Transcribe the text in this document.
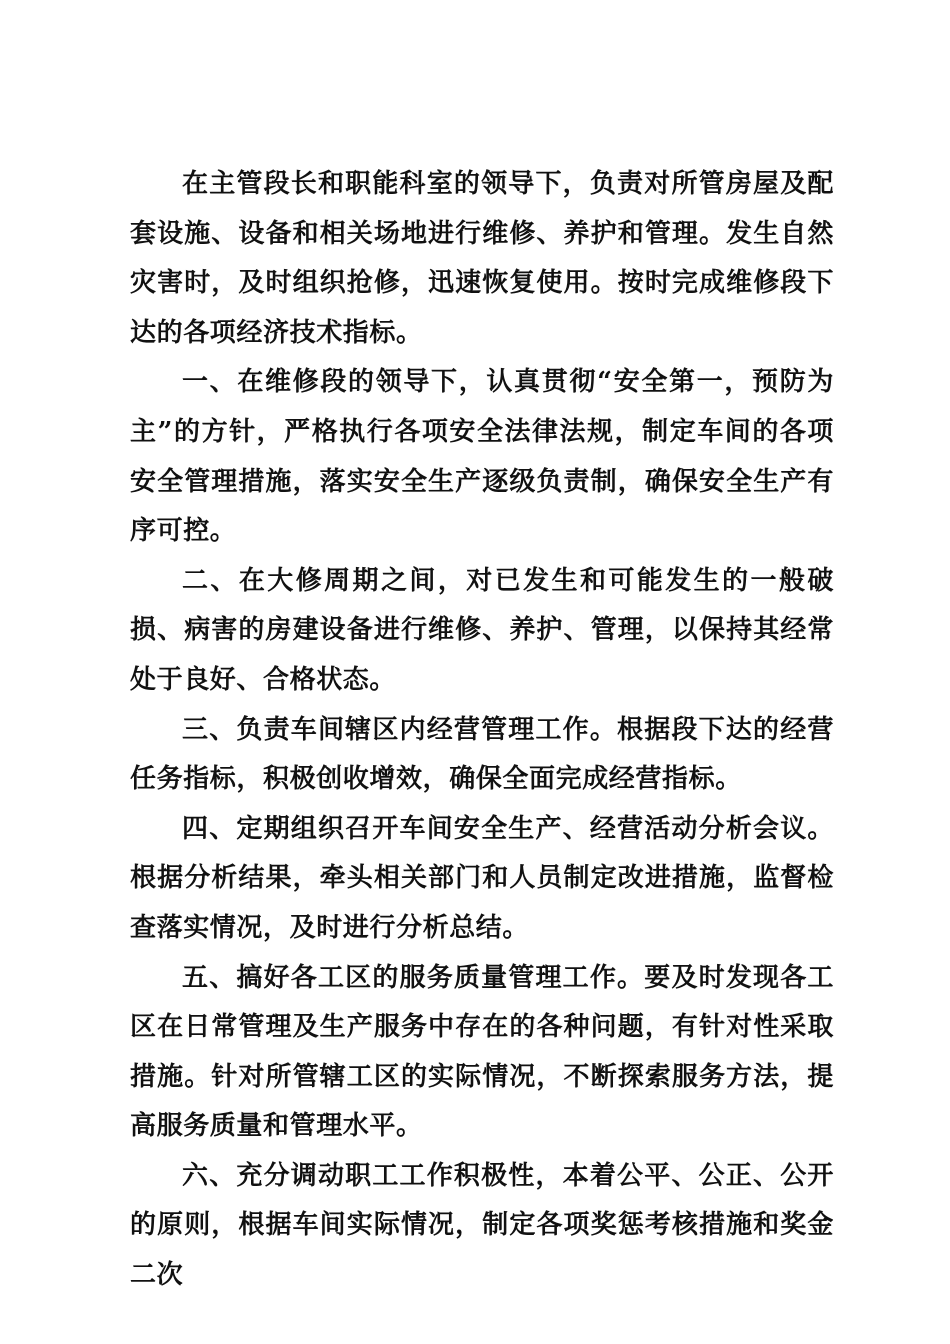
在主管段长和职能科室的领导下，负责对所管房屋及配套设施、设备和相关场地进行维修、养护和管理。发生自然灾害时，及时组织抢修，迅速恢复使用。按时完成维修段下达的各项经济技术指标。

一、在维修段的领导下，认真贯彻“安全第一，预防为主”的方针，严格执行各项安全法律法规，制定车间的各项安全管理措施，落实安全生产逐级负责制，确保安全生产有序可控。

二、在大修周期之间，对已发生和可能发生的一般破损、病害的房建设备进行维修、养护、管理，以保持其经常处于良好、合格状态。

三、负责车间辖区内经营管理工作。根据段下达的经营任务指标，积极创收增效，确保全面完成经营指标。

四、定期组织召开车间安全生产、经营活动分析会议。根据分析结果，牵头相关部门和人员制定改进措施，监督检查落实情况，及时进行分析总结。

五、搞好各工区的服务质量管理工作。要及时发现各工区在日常管理及生产服务中存在的各种问题，有针对性采取措施。针对所管辖工区的实际情况，不断探索服务方法，提高服务质量和管理水平。

六、充分调动职工工作积极性，本着公平、公正、公开的原则，根据车间实际情况，制定各项奖惩考核措施和奖金二次
